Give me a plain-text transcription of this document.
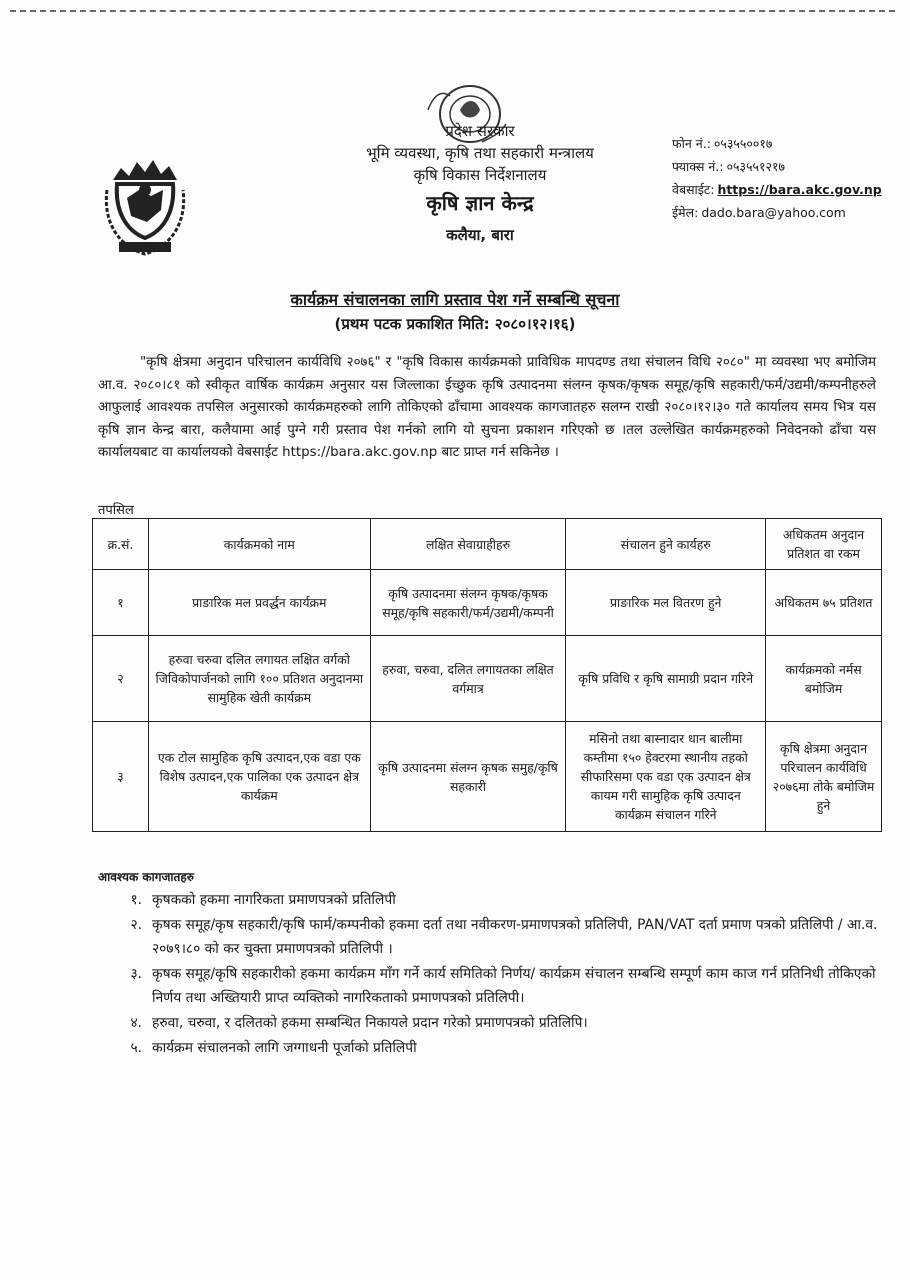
प्रदेश सरकार
भूमि व्यवस्था, कृषि तथा सहकारी मन्त्रालय
कृषि विकास निर्देशनालय
कृषि ज्ञान केन्द्र
कलैया, बारा
फोन नं.: ०५३५५००१७
फ्याक्स नं.: ०५३५५१२१७
वेबसाईट: https://bara.akc.gov.np
ईमेल: dado.bara@yahoo.com
कार्यक्रम संचालनका लागि प्रस्ताव पेश गर्ने सम्बन्धि सूचना
(प्रथम पटक प्रकाशित मिति: २०८०।१२।१६)
"कृषि क्षेत्रमा अनुदान परिचालन कार्यविधि २०७६" र "कृषि विकास कार्यक्रमको प्राविधिक मापदण्ड तथा संचालन विधि २०८०" मा व्यवस्था भए बमोजिम आ.व. २०८०।८१ को स्वीकृत वार्षिक कार्यक्रम अनुसार यस जिल्लाका ईच्छुक कृषि उत्पादनमा संलग्न कृषक/कृषक समूह/कृषि सहकारी/फर्म/उद्यमी/कम्पनीहरुले आफुलाई आवश्यक तपसिल अनुसारको कार्यक्रमहरुको लागि तोकिएको ढाँचामा आवश्यक कागजातहरु सलग्न राखी २०८०।१२।३० गते कार्यालय समय भित्र यस कृषि ज्ञान केन्द्र बारा, कलैयामा आई पुग्ने गरी प्रस्ताव पेश गर्नको लागि यो सुचना प्रकाशन गरिएको छ ।तल उल्लेखित कार्यक्रमहरुको निवेदनको ढाँचा यस कार्यालयबाट वा कार्यालयको वेबसाईट https://bara.akc.gov.np बाट प्राप्त गर्न सकिनेछ ।
तपसिल
क्र.सं.	कार्यक्रमको नाम	लक्षित सेवाग्राहीहरु	संचालन हुने कार्यहरु	अधिकतम अनुदान प्रतिशत वा रकम
१	प्राङारिक मल प्रवर्द्धन कार्यक्रम	कृषि उत्पादनमा संलग्न कृषक/कृषक समूह/कृषि सहकारी/फर्म/उद्यमी/कम्पनी	प्राङारिक मल वितरण हुने	अधिकतम ७५ प्रतिशत
२	हरुवा चरुवा दलित लगायत लक्षित वर्गको जिविकोपार्जनको लागि १०० प्रतिशत अनुदानमा सामुहिक खेती कार्यक्रम	हरुवा, चरुवा, दलित लगायतका लक्षित वर्गमात्र	कृषि प्रविधि र कृषि सामाग्री प्रदान गरिने	कार्यक्रमको नर्मस बमोजिम
३	एक टोल सामुहिक कृषि उत्पादन,एक वडा एक विशेष उत्पादन,एक पालिका एक उत्पादन क्षेत्र कार्यक्रम	कृषि उत्पादनमा संलग्न कृषक समुह/कृषि सहकारी	मसिनो तथा बास्नादार धान बालीमा कम्तीमा १५० हेक्टरमा स्थानीय तहको सीफारिसमा एक वडा एक उत्पादन क्षेत्र कायम गरी सामुहिक कृषि उत्पादन कार्यक्रम संचालन गरिने	कृषि क्षेत्रमा अनुदान परिचालन कार्यविधि २०७६मा तोके बमोजिम हुने
आवश्यक कागजातहरु
१. कृषकको हकमा नागरिकता प्रमाणपत्रको प्रतिलिपी
२. कृषक समूह/कृष सहकारी/कृषि फार्म/कम्पनीको हकमा दर्ता तथा नवीकरण-प्रमाणपत्रको प्रतिलिपी, PAN/VAT दर्ता प्रमाण पत्रको प्रतिलिपी / आ.व. २०७९।८० को कर चुक्ता प्रमाणपत्रको प्रतिलिपी ।
३. कृषक समूह/कृषि सहकारीको हकमा कार्यक्रम माँग गर्ने कार्य समितिको निर्णय/ कार्यक्रम संचालन सम्बन्धि सम्पूर्ण काम काज गर्न प्रतिनिधी तोकिएको निर्णय तथा अख्तियारी प्राप्त व्यक्तिको नागरिकताको प्रमाणपत्रको प्रतिलिपी।
४. हरुवा, चरुवा, र दलितको हकमा सम्बन्धित निकायले प्रदान गरेको प्रमाणपत्रको प्रतिलिपि।
५. कार्यक्रम संचालनको लागि जग्गाधनी पूर्जाको प्रतिलिपी
